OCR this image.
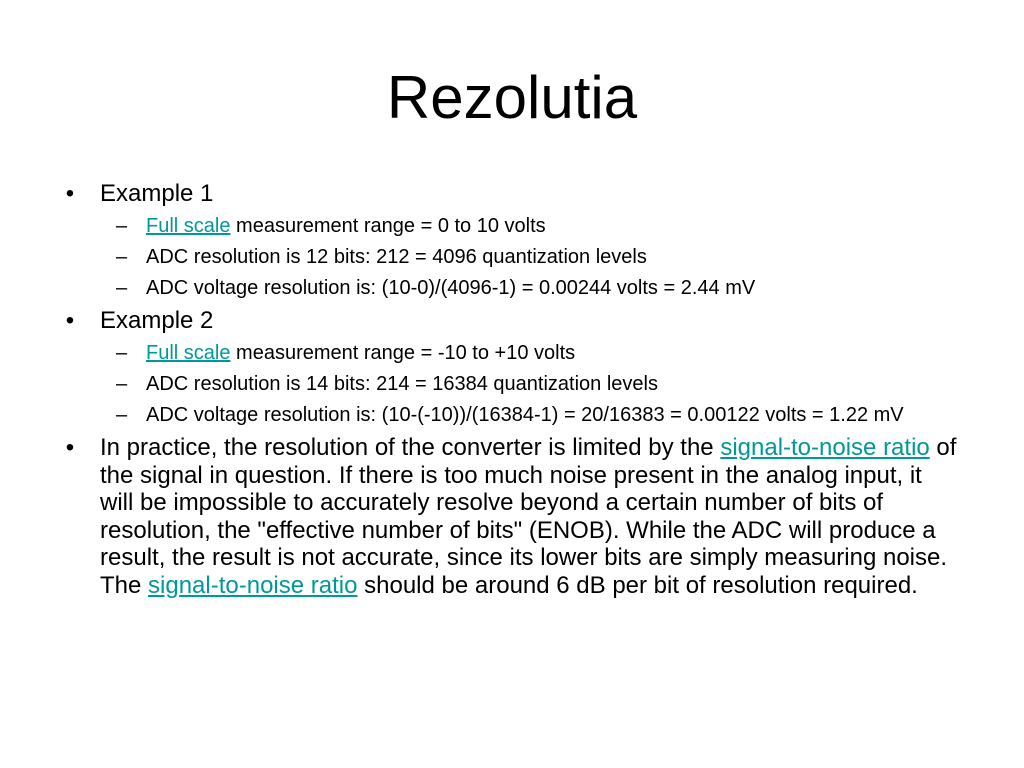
Rezolutia
• Example 1
– Full scale measurement range = 0 to 10 volts
– ADC resolution is 12 bits: 212 = 4096 quantization levels
– ADC voltage resolution is: (10-0)/(4096-1) = 0.00244 volts = 2.44 mV
• Example 2
– Full scale measurement range = -10 to +10 volts
– ADC resolution is 14 bits: 214 = 16384 quantization levels
– ADC voltage resolution is: (10-(-10))/(16384-1) = 20/16383 = 0.00122 volts = 1.22 mV
• In practice, the resolution of the converter is limited by the signal-to-noise ratio of the signal in question. If there is too much noise present in the analog input, it will be impossible to accurately resolve beyond a certain number of bits of resolution, the "effective number of bits" (ENOB). While the ADC will produce a result, the result is not accurate, since its lower bits are simply measuring noise. The signal-to-noise ratio should be around 6 dB per bit of resolution required.
